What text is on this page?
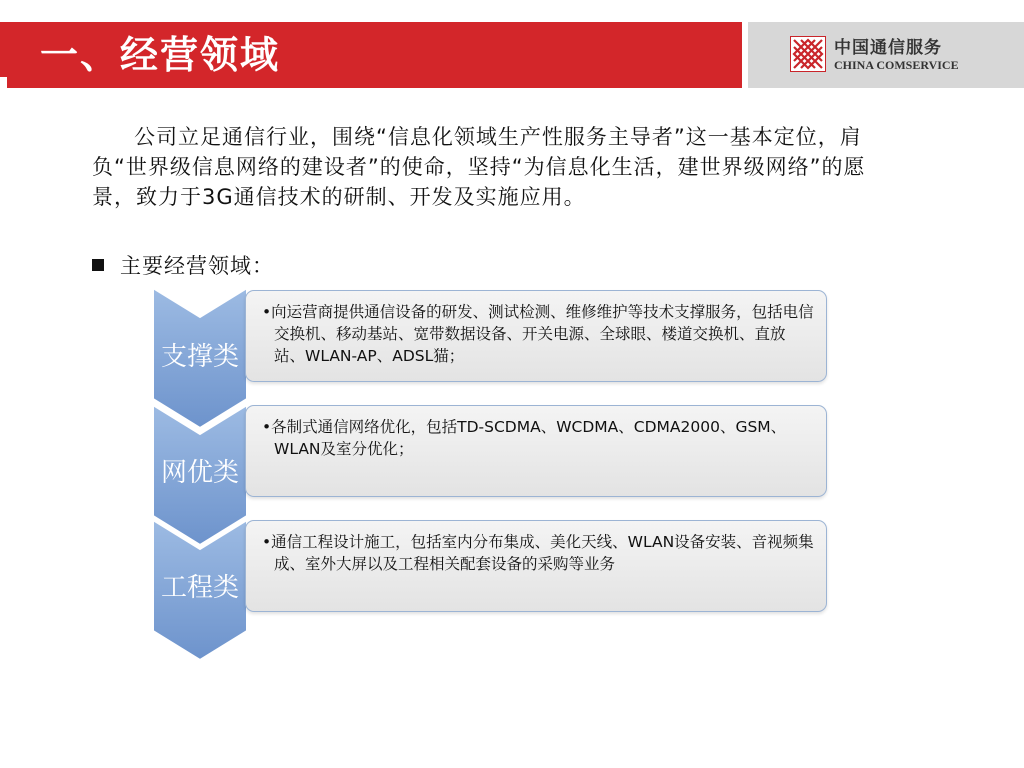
一、经营领域	中国通信服务
CHINA COMSERVICE
公司立足通信行业，围绕“信息化领域生产性服务主导者”这一基本定位，肩负“世界级信息网络的建设者”的使命，坚持“为信息化生活，建世界级网络”的愿景，致力于3G通信技术的研制、开发及实施应用。
主要经营领域：
支撑类
网优类
工程类
•向运营商提供通信设备的研发、测试检测、维修维护等技术支撑服务，包括电信交换机、移动基站、宽带数据设备、开关电源、全球眼、楼道交换机、直放站、WLAN-AP、ADSL猫；
•各制式通信网络优化，包括TD-SCDMA、WCDMA、CDMA2000、GSM、WLAN及室分优化；
•通信工程设计施工，包括室内分布集成、美化天线、WLAN设备安装、音视频集成、室外大屏以及工程相关配套设备的采购等业务
